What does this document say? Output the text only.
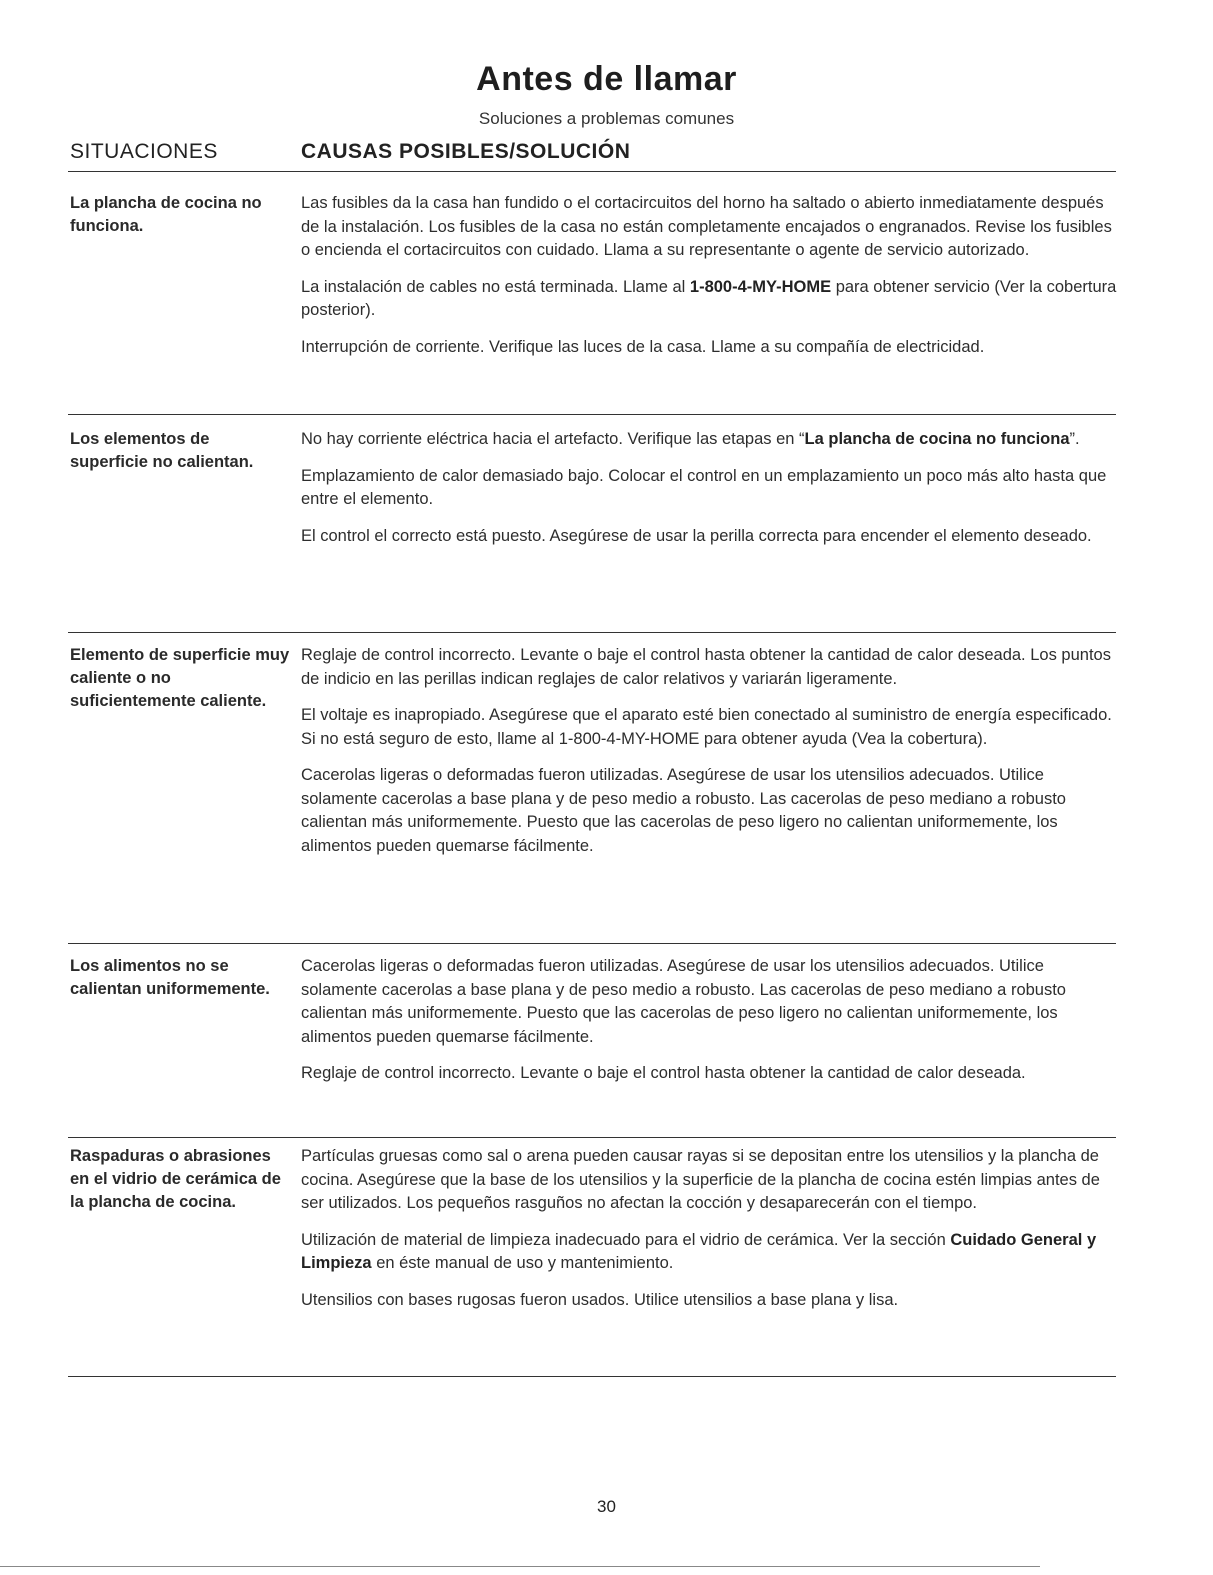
Antes de llamar
Soluciones a problemas comunes
SITUACIONES	CAUSAS POSIBLES/SOLUCIÓN
La plancha de cocina no funciona.

Las fusibles da la casa han fundido o el cortacircuitos del horno ha saltado o abierto inmediatamente después de la instalación. Los fusibles de la casa no están completamente encajados o engranados. Revise los fusibles o encienda el cortacircuitos con cuidado. Llama a su representante o agente de servicio autorizado.

La instalación de cables no está terminada. Llame al 1-800-4-MY-HOME para obtener servicio (Ver la cobertura posterior).

Interrupción de corriente. Verifique las luces de la casa. Llame a su compañía de electricidad.

Los elementos de superficie no calientan.

No hay corriente eléctrica hacia el artefacto. Verifique las etapas en “La plancha de cocina no funciona”.

Emplazamiento de calor demasiado bajo. Colocar el control en un emplazamiento un poco más alto hasta que entre el elemento.

El control el correcto está puesto. Asegúrese de usar la perilla correcta para encender el elemento deseado.

Elemento de superficie muy caliente o no suficientemente caliente.

Reglaje de control incorrecto. Levante o baje el control hasta obtener la cantidad de calor deseada. Los puntos de indicio en las perillas indican reglajes de calor relativos y variarán ligeramente.

El voltaje es inapropiado. Asegúrese que el aparato esté bien conectado al suministro de energía especificado. Si no está seguro de esto, llame al 1-800-4-MY-HOME para obtener ayuda (Vea la cobertura).

Cacerolas ligeras o deformadas fueron utilizadas. Asegúrese de usar los utensilios adecuados. Utilice solamente cacerolas a base plana y de peso medio a robusto. Las cacerolas de peso mediano a robusto calientan más uniformemente. Puesto que las cacerolas de peso ligero no calientan uniformemente, los alimentos pueden quemarse fácilmente.

Los alimentos no se calientan uniformemente.

Cacerolas ligeras o deformadas fueron utilizadas. Asegúrese de usar los utensilios adecuados. Utilice solamente cacerolas a base plana y de peso medio a robusto. Las cacerolas de peso mediano a robusto calientan más uniformemente. Puesto que las cacerolas de peso ligero no calientan uniformemente, los alimentos pueden quemarse fácilmente.

Reglaje de control incorrecto. Levante o baje el control hasta obtener la cantidad de calor deseada.

Raspaduras o abrasiones en el vidrio de cerámica de la plancha de cocina.

Partículas gruesas como sal o arena pueden causar rayas si se depositan entre los utensilios y la plancha de cocina. Asegúrese que la base de los utensilios y la superficie de la plancha de cocina estén limpias antes de ser utilizados. Los pequeños rasguños no afectan la cocción y desaparecerán con el tiempo.

Utilización de material de limpieza inadecuado para el vidrio de cerámica. Ver la sección Cuidado General y Limpieza en éste manual de uso y mantenimiento.

Utensilios con bases rugosas fueron usados. Utilice utensilios a base plana y lisa.

30
